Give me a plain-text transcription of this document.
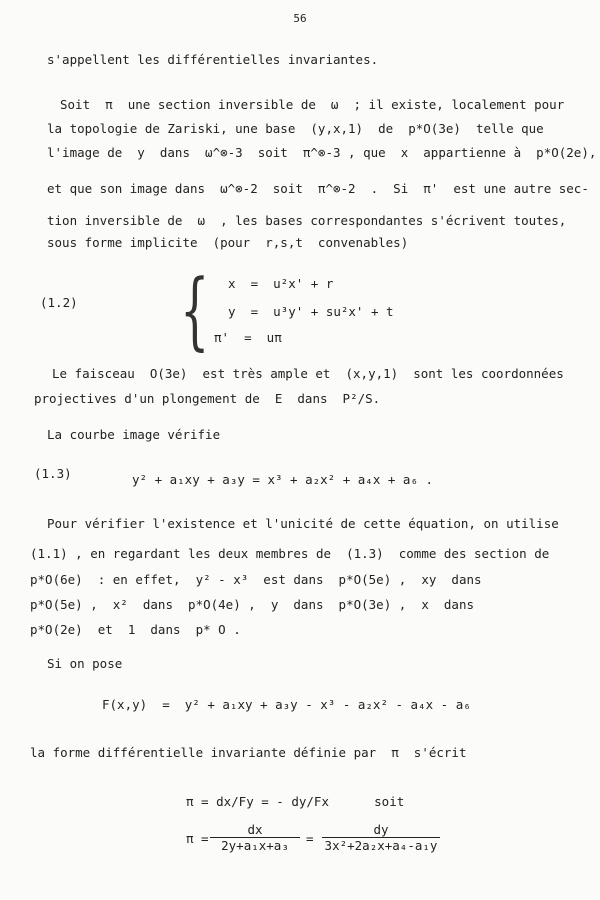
56
s'appellent les différentielles invariantes.
Soit  π  une section inversible de  ω  ; il existe, localement pour
la topologie de Zariski, une base  (y,x,1)  de  p*O(3e)  telle que
l'image de  y  dans  ω^⊗-3  soit  π^⊗-3 , que  x  appartienne à  p*O(2e),
et que son image dans  ω^⊗-2  soit  π^⊗-2  .  Si  π'  est une autre sec-
tion inversible de  ω  , les bases correspondantes s'écrivent toutes,
sous forme implicite  (pour  r,s,t  convenables)
(1.2) { x  =  u²x' + r
y  =  u³y' + su²x' + t
π'  =  uπ
Le faisceau  O(3e)  est très ample et  (x,y,1)  sont les coordonnées
projectives d'un plongement de  E  dans  P²/S.
La courbe image vérifie
(1.3)	y² + a₁xy + a₃y = x³ + a₂x² + a₄x + a₆ .
Pour vérifier l'existence et l'unicité de cette équation, on utilise
(1.1) , en regardant les deux membres de  (1.3)  comme des section de
p*O(6e)  : en effet,  y² - x³  est dans  p*O(5e) ,  xy  dans
p*O(5e) ,  x²  dans  p*O(4e) ,  y  dans  p*O(3e) ,  x  dans
p*O(2e)  et  1  dans  p* O .
Si on pose
F(x,y)  =  y² + a₁xy + a₃y - x³ - a₂x² - a₄x - a₆
la forme différentielle invariante définie par  π  s'écrit
π = dx/Fy = - dy/Fx      soit
$\pi = \frac{dx}{\text{2y+a₁x+a₃}} = \frac{dy}{\text{3x²+2a₂x+a₄-a₁y}}$
